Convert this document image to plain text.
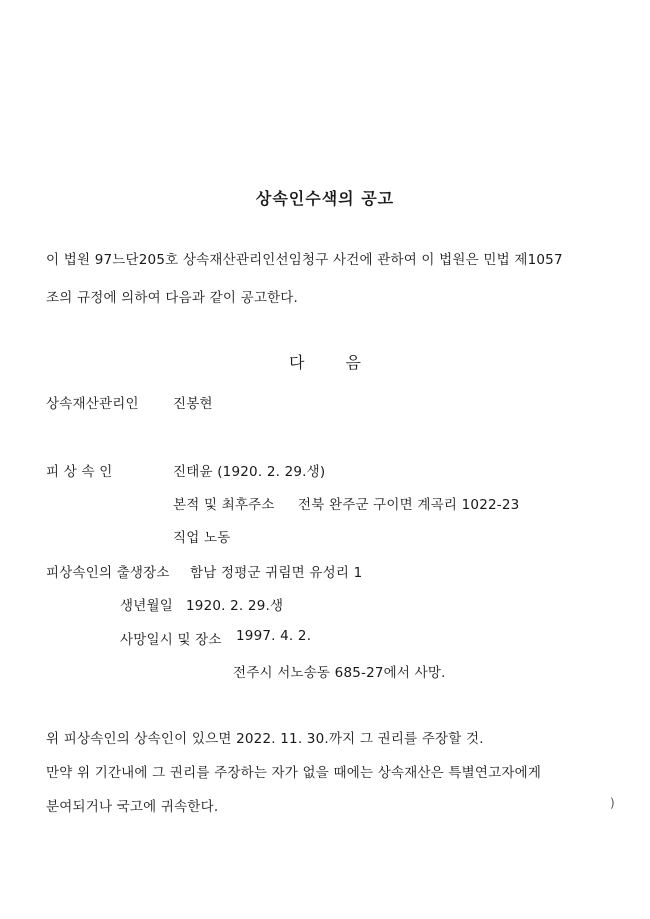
상속인수색의 공고
이 법원 97느단205호 상속재산관리인선임청구 사건에 관하여 이 법원은 민법 제1057
조의 규정에 의하여 다음과 같이 공고한다.
다	음
상속재산관리인	진봉현
피 상 속 인	진태윤 (1920. 2. 29.생)
본적 및 최후주소 전북 완주군 구이면 계곡리 1022-23
직업 노동
피상속인의 출생장소 함남 정평군 귀림면 유성리 1
생년월일 1920. 2. 29.생
사망일시 및 장소 1997. 4. 2.
전주시 서노송동 685-27에서 사망.
위 피상속인의 상속인이 있으면 2022. 11. 30.까지 그 권리를 주장할 것.
만약 위 기간내에 그 권리를 주장하는 자가 없을 때에는 상속재산은 특별연고자에게
분여되거나 국고에 귀속한다.	)
